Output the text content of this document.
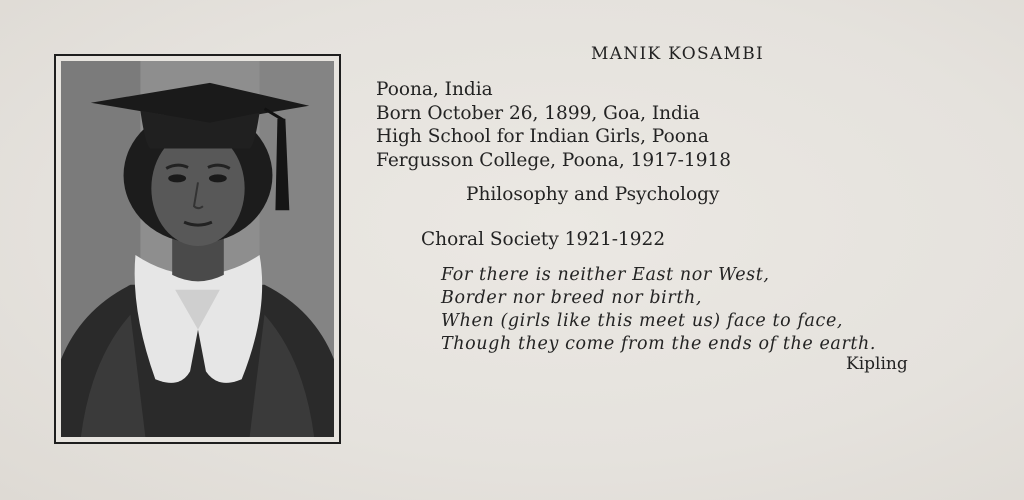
MANIK KOSAMBI
Poona, India
Born October 26, 1899, Goa, India
High School for Indian Girls, Poona
Fergusson College, Poona, 1917-1918
Philosophy and Psychology
Choral Society 1921-1922
For there is neither East nor West,
Border nor breed nor birth,
When (girls like this meet us) face to face,
Though they come from the ends of the earth.
Kipling
